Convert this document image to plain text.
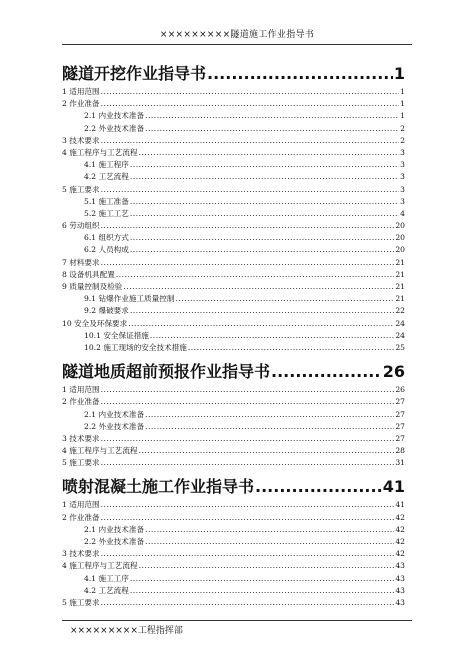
×××××××××隧道施工作业指导书
隧道开挖作业指导书 .....	1
1 适用范围 .....	1
2 作业准备 .....	1
2.1 内业技术准备 .....	1
2.2 外业技术准备 .....	2
3 技术要求 .....	2
4 施工程序与工艺流程 .....	3
4.1 施工程序 .....	3
4.2 工艺流程 .....	3
5 施工要求 .....	3
5.1 施工准备 .....	3
5.2 施工工艺 .....	4
6 劳动组织 .....	20
6.1 组织方式 .....	20
6.2 人员构成 .....	20
7 材料要求 .....	21
8 设备机具配置 .....	21
9 质量控制及检验 .....	21
9.1 钻爆作业施工质量控制 .....	21
9.2 爆破要求 .....	22
10 安全及环保要求 .....	24
10.1 安全保证措施 .....	24
10.2 施工现场的安全技术措施 .....	25
隧道地质超前预报作业指导书 .....	26
1 适用范围 .....	26
2 作业准备 .....	27
2.1 内业技术准备 .....	27
2.2 外业技术准备 .....	27
3 技术要求 .....	27
4 施工程序与工艺流程 .....	28
5 施工要求 .....	31
喷射混凝土施工作业指导书 .....	41
1 适用范围 .....	41
2 作业准备 .....	42
2.1 内业技术准备 .....	42
2.2 外业技术准备 .....	42
3 技术要求 .....	42
4 施工程序与工艺流程 .....	43
4.1 施工工序 .....	43
4.2 工艺流程 .....	43
5 施工要求 .....	43
×××××××××工程指挥部
